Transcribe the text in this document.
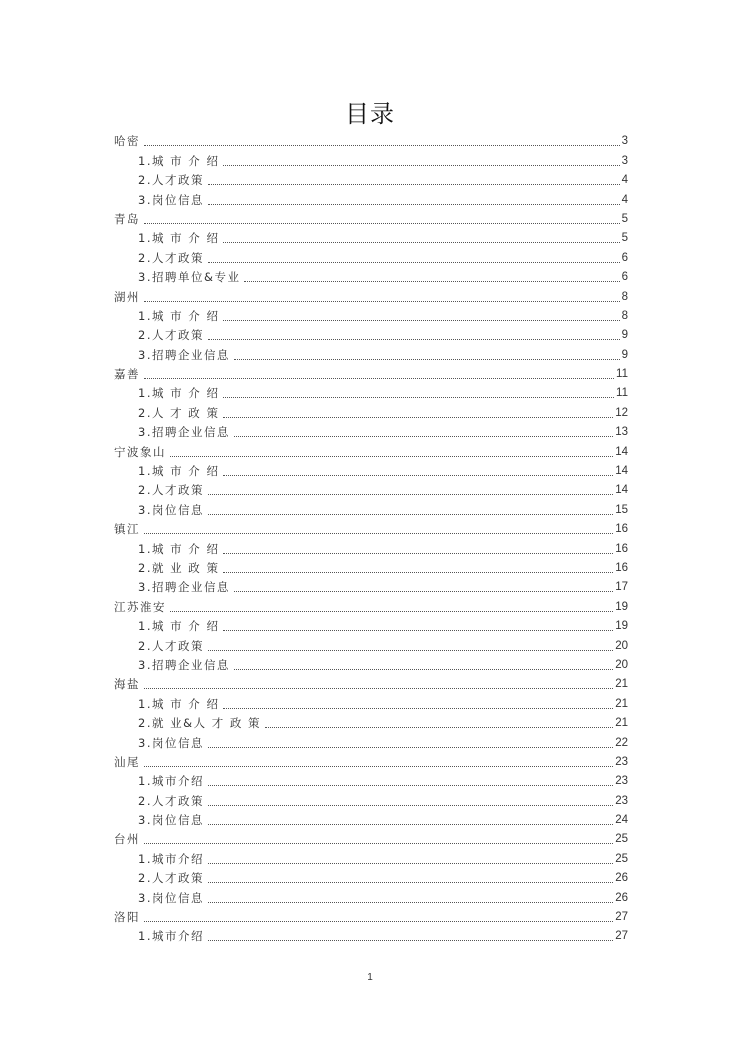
目录
哈密	3
1.城 市 介 绍	3
2.人才政策	4
3.岗位信息	4
青岛	5
1.城 市 介 绍	5
2.人才政策	6
3.招聘单位&专业	6
湖州	8
1.城 市 介 绍	8
2.人才政策	9
3.招聘企业信息	9
嘉善	11
1.城 市 介 绍	11
2.人 才 政 策	12
3.招聘企业信息	13
宁波象山	14
1.城 市 介 绍	14
2.人才政策	14
3.岗位信息	15
镇江	16
1.城 市 介 绍	16
2.就 业 政 策	16
3.招聘企业信息	17
江苏淮安	19
1.城 市 介 绍	19
2.人才政策	20
3.招聘企业信息	20
海盐	21
1.城 市 介 绍	21
2.就 业&人 才 政 策	21
3.岗位信息	22
汕尾	23
1.城市介绍	23
2.人才政策	23
3.岗位信息	24
台州	25
1.城市介绍	25
2.人才政策	26
3.岗位信息	26
洛阳	27
1.城市介绍	27
1
